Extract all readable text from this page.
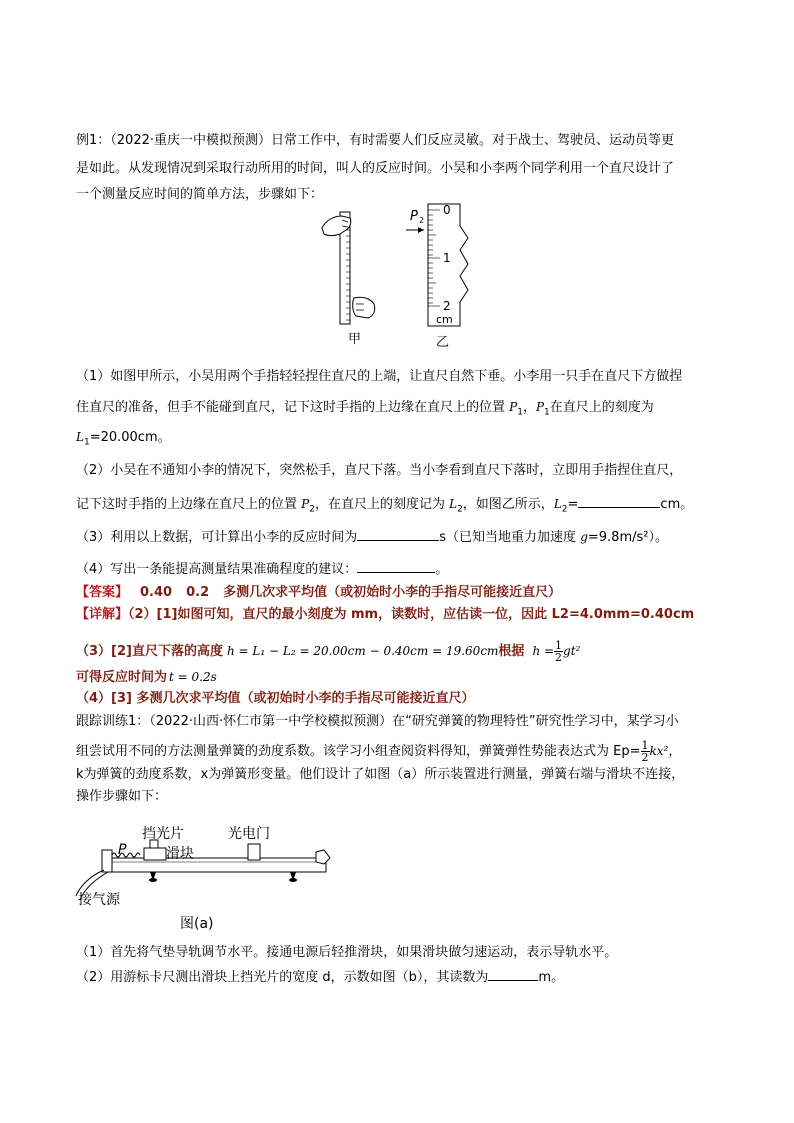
例1：（2022·重庆一中模拟预测）日常工作中，有时需要人们反应灵敏。对于战士、驾驶员、运动员等更
是如此。从发现情况到采取行动所用的时间，叫人的反应时间。小吴和小李两个同学利用一个直尺设计了
一个测量反应时间的简单方法，步骤如下：
甲
P 2
0
1
2
cm
乙
（1）如图甲所示，小吴用两个手指轻轻捏住直尺的上端，让直尺自然下垂。小李用一只手在直尺下方做捏
住直尺的准备，但手不能碰到直尺，记下这时手指的上边缘在直尺上的位置 $P_1$，$P_1$在直尺上的刻度为
$L_1=20.00cm$。
（2）小吴在不通知小李的情况下，突然松手，直尺下落。当小李看到直尺下落时，立即用手指捏住直尺，
记下这时手指的上边缘在直尺上的位置 $P_2$，在直尺上的刻度记为 $L_2$，如图乙所示，$L_2=$	cm。
（3）利用以上数据，可计算出小李的反应时间为	s（已知当地重力加速度 g=9.8m/s²）。
（4）写出一条能提高测量结果准确程度的建议：	。
【答案】 0.40 0.2 多测几次求平均值（或初始时小李的手指尽可能接近直尺）
【详解】（2）[1]如图可知，直尺的最小刻度为 mm，读数时，应估读一位，因此 L2=4.0mm=0.40cm
（3）[2]直尺下落的高度 h = L₁ − L₂ = 20.00cm − 0.40cm = 19.60cm根据 $h = \frac{1}{2} gt^2$
可得反应时间为 t = 0.2s
（4）[3] 多测几次求平均值（或初始时小李的手指尽可能接近直尺）
跟踪训练1：（2022·山西·怀仁市第一中学校模拟预测）在“研究弹簧的物理特性”研究性学习中，某学习小
组尝试用不同的方法测量弹簧的劲度系数。该学习小组查阅资料得知，弹簧弹性势能表达式为 $Ep= \frac{1}{2} kx^2$，
k为弹簧的劲度系数，x为弹簧形变量。他们设计了如图（a）所示装置进行测量，弹簧右端与滑块不连接，
操作步骤如下：
挡光片	光电门
P	滑块
接气源
图(a)
（1）首先将气垫导轨调节水平。接通电源后轻推滑块，如果滑块做匀速运动，表示导轨水平。
（2）用游标卡尺测出滑块上挡光片的宽度 d，示数如图（b），其读数为	m。
